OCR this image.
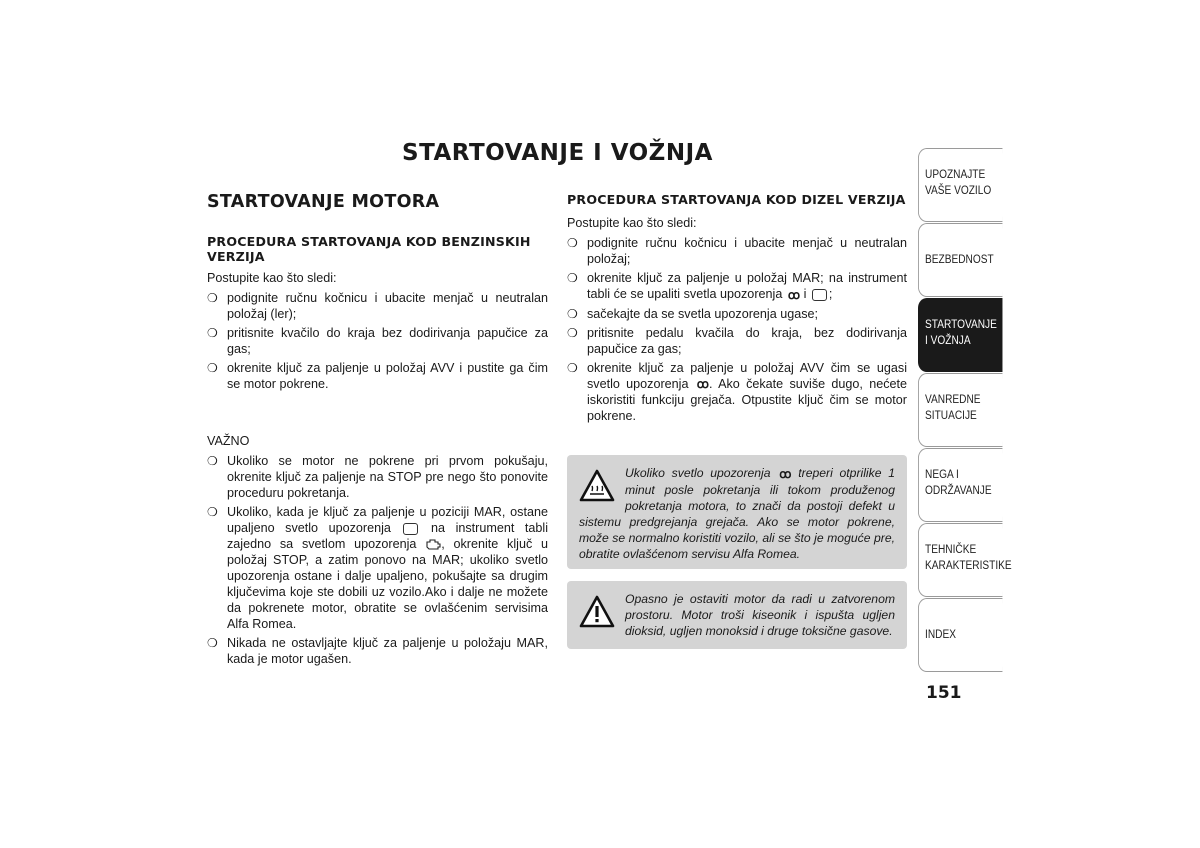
STARTOVANJE I VOŽNJA
STARTOVANJE MOTORA
PROCEDURA STARTOVANJA KOD BENZINSKIH VERZIJA

Postupite kao što sledi:

❍ podignite ručnu kočnicu i ubacite menjač u neutralan položaj (ler);
❍ pritisnite kvačilo do kraja bez dodirivanja papučice za gas;
❍ okrenite ključ za paljenje u položaj AVV i pustite ga čim se motor pokrene.

VAŽNO

❍ Ukoliko se motor ne pokrene pri prvom pokušaju, okrenite ključ za paljenje na STOP pre nego što ponovite proceduru pokretanja.
❍ Ukoliko, kada je ključ za paljenje u poziciji MAR, ostane upaljeno svetlo upozorenja	na instrument tabli zajedno sa svetlom upozorenja , okrenite ključ u položaj STOP, a zatim ponovo na MAR; ukoliko svetlo upozorenja ostane i dalje upaljeno, pokušajte sa drugim ključevima koje ste dobili uz vozilo.Ako i dalje ne možete da pokrenete motor, obratite se ovlašćenim servisima Alfa Romea.
❍ Nikada ne ostavljajte ključ za paljenje u položaju MAR, kada je motor ugašen.
PROCEDURA STARTOVANJA KOD DIZEL VERZIJA

Postupite kao što sledi:

❍ podignite ručnu kočnicu i ubacite menjač u neutralan položaj;
❍ okrenite ključ za paljenje u položaj MAR; na instrument tabli će se upaliti svetla upozorenja ꝏ i ;
❍ sačekajte da se svetla upozorenja ugase;
❍ pritisnite pedalu kvačila do kraja, bez dodirivanja papučice za gas;
❍ okrenite ključ za paljenje u položaj AVV čim se ugasi svetlo upozorenja ꝏ . Ako čekate suviše dugo, nećete iskoristiti funkciju grejača. Otpustite ključ čim se motor pokrene.
Ukoliko svetlo upozorenja ꝏ treperi otprilike 1 minut posle pokretanja ili tokom produženog pokretanja motora, to znači da postoji defekt u sistemu predgrejanja grejača. Ako se motor pokrene, može se normalno koristiti vozilo, ali se što je moguće pre, obratite ovlašćenom servisu Alfa Romea.
Opasno je ostaviti motor da radi u zatvorenom prostoru. Motor troši kiseonik i ispušta ugljen dioksid, ugljen monoksid i druge toksične gasove.
UPOZNAJTE
VAŠE VOZILO
BEZBEDNOST
STARTOVANJE
I VOŽNJA
VANREDNE
SITUACIJE
NEGA I
ODRŽAVANJE
TEHNIČKE
KARAKTERISTIKE
INDEX
151
